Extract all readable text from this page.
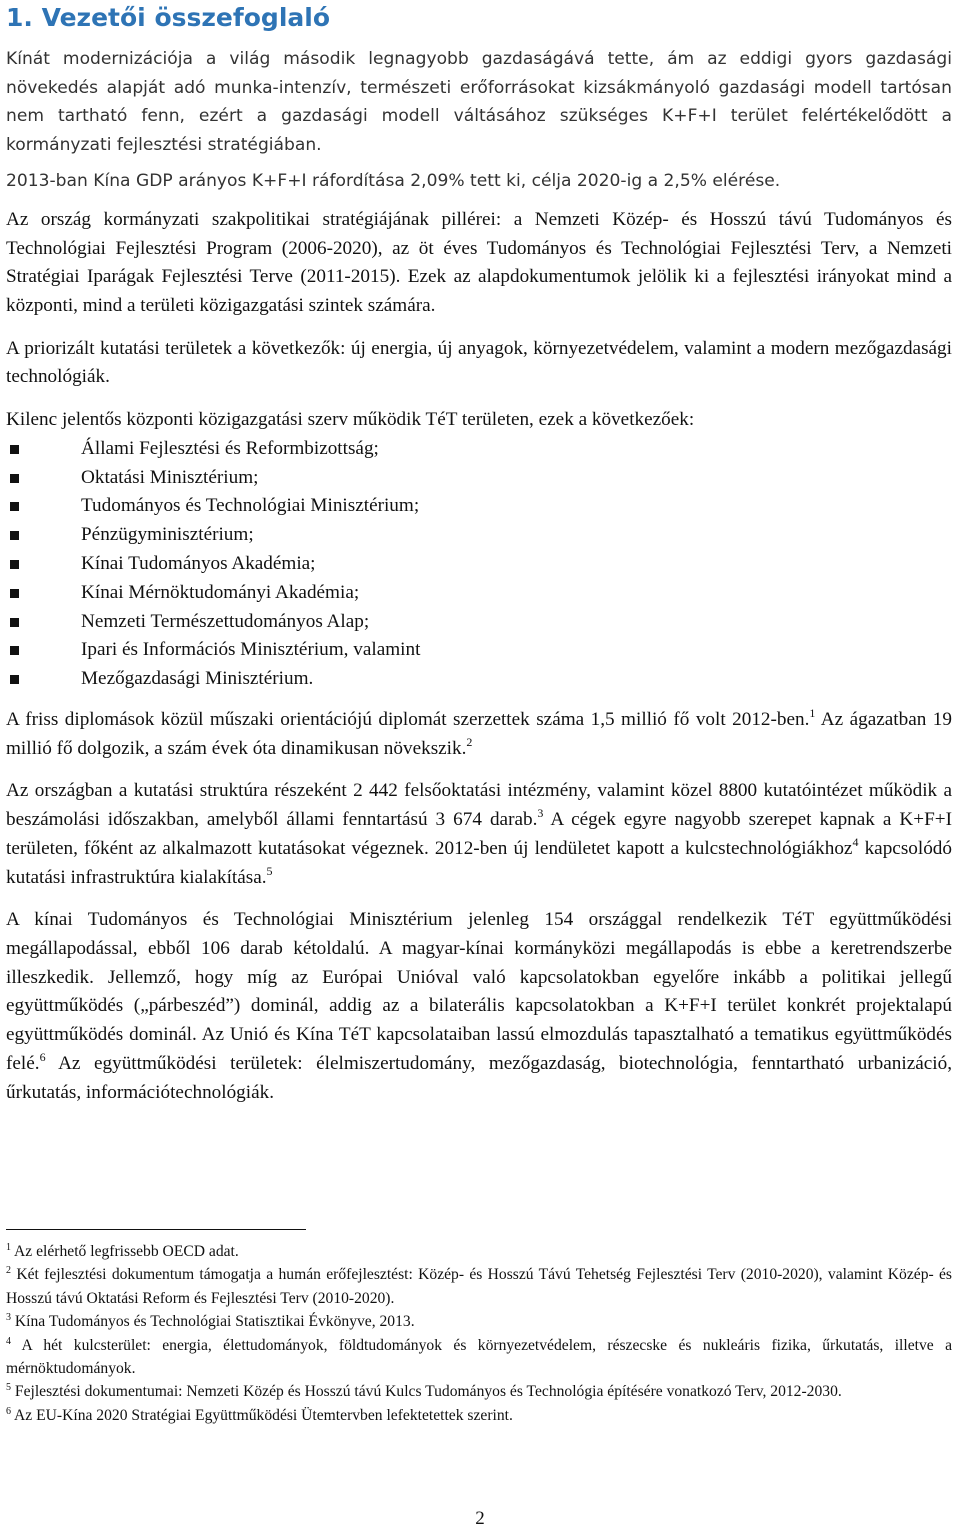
1. Vezetői összefoglaló

Kínát modernizációja a világ második legnagyobb gazdaságává tette, ám az eddigi gyors gazdasági növekedés alapját adó munka-intenzív, természeti erőforrásokat kizsákmányoló gazdasági modell tartósan nem tartható fenn, ezért a gazdasági modell váltásához szükséges K+F+I terület felértékelődött a kormányzati fejlesztési stratégiában.

2013-ban Kína GDP arányos K+F+I ráfordítása 2,09% tett ki, célja 2020-ig a 2,5% elérése.

Az ország kormányzati szakpolitikai stratégiájának pillérei: a Nemzeti Közép- és Hosszú távú Tudományos és Technológiai Fejlesztési Program (2006-2020), az öt éves Tudományos és Technológiai Fejlesztési Terv, a Nemzeti Stratégiai Iparágak Fejlesztési Terve (2011-2015). Ezek az alapdokumentumok jelölik ki a fejlesztési irányokat mind a központi, mind a területi közigazgatási szintek számára.

A priorizált kutatási területek a következők: új energia, új anyagok, környezetvédelem, valamint a modern mezőgazdasági technológiák.

Kilenc jelentős központi közigazgatási szerv működik TéT területen, ezek a következőek:

Állami Fejlesztési és Reformbizottság;
Oktatási Minisztérium;
Tudományos és Technológiai Minisztérium;
Pénzügyminisztérium;
Kínai Tudományos Akadémia;
Kínai Mérnöktudományi Akadémia;
Nemzeti Természettudományos Alap;
Ipari és Információs Minisztérium, valamint
Mezőgazdasági Minisztérium.

A friss diplomások közül műszaki orientációjú diplomát szerzettek száma 1,5 millió fő volt 2012-ben.$^1$ Az ágazatban 19 millió fő dolgozik, a szám évek óta dinamikusan növekszik.$^2$

Az országban a kutatási struktúra részeként 2 442 felsőoktatási intézmény, valamint közel 8800 kutatóintézet működik a beszámolási időszakban, amelyből állami fenntartású 3 674 darab.$^3$ A cégek egyre nagyobb szerepet kapnak a K+F+I területen, főként az alkalmazott kutatásokat végeznek. 2012-ben új lendületet kapott a kulcstechnológiákhoz$^4$ kapcsolódó kutatási infrastruktúra kialakítása.$^5$

A kínai Tudományos és Technológiai Minisztérium jelenleg 154 országgal rendelkezik TéT együttműködési megállapodással, ebből 106 darab kétoldalú. A magyar-kínai kormányközi megállapodás is ebbe a keretrendszerbe illeszkedik. Jellemző, hogy míg az Európai Unióval való kapcsolatokban egyelőre inkább a politikai jellegű együttműködés („párbeszéd”) dominál, addig az a bilaterális kapcsolatokban a K+F+I terület konkrét projektalapú együttműködés dominál. Az Unió és Kína TéT kapcsolataiban lassú elmozdulás tapasztalható a tematikus együttműködés felé.$^6$ Az együttműködési területek: élelmiszertudomány, mezőgazdaság, biotechnológia, fenntartható urbanizáció, űrkutatás, információtechnológiák.

$^1$ Az elérhető legfrissebb OECD adat.
$^2$ Két fejlesztési dokumentum támogatja a humán erőfejlesztést: Közép- és Hosszú Távú Tehetség Fejlesztési Terv (2010-2020), valamint Közép- és Hosszú távú Oktatási Reform és Fejlesztési Terv (2010-2020).
$^3$ Kína Tudományos és Technológiai Statisztikai Évkönyve, 2013.
$^4$ A hét kulcsterület: energia, élettudományok, földtudományok és környezetvédelem, részecske és nukleáris fizika, űrkutatás, illetve a mérnöktudományok.
$^5$ Fejlesztési dokumentumai: Nemzeti Közép és Hosszú távú Kulcs Tudományos és Technológia építésére vonatkozó Terv, 2012-2030.
$^6$ Az EU-Kína 2020 Stratégiai Együttműködési Ütemtervben lefektetettek szerint.
2
